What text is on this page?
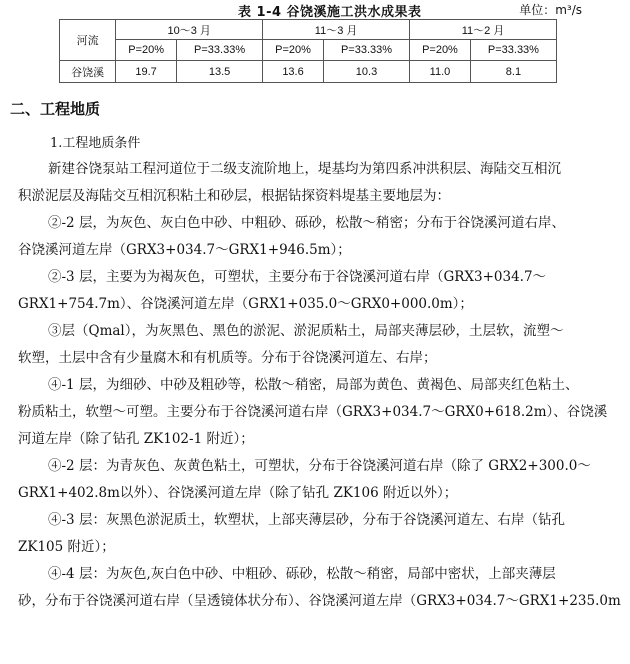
表 1-4 谷饶溪施工洪水成果表	单位：m³/s
河流	10～3 月		11～3 月		11～2 月	
	P=20%	P=33.33%	P=20%	P=33.33%	P=20%	P=33.33%
谷饶溪	19.7	13.5	13.6	10.3	11.0	8.1
二、工程地质
1.工程地质条件

新建谷饶泵站工程河道位于二级支流阶地上，堤基均为第四系冲洪积层、海陆交互相沉

积淤泥层及海陆交互相沉积粘土和砂层，根据钻探资料堤基主要地层为：

②-2 层，为灰色、灰白色中砂、中粗砂、砾砂，松散～稍密；分布于谷饶溪河道右岸、

谷饶溪河道左岸（GRX3+034.7～GRX1+946.5m）；

②-3 层，主要为为褐灰色，可塑状，主要分布于谷饶溪河道右岸（GRX3+034.7～

GRX1+754.7m）、谷饶溪河道左岸（GRX1+035.0～GRX0+000.0m）；

③层（Qmal），为灰黑色、黑色的淤泥、淤泥质粘土，局部夹薄层砂，土层软，流塑～

软塑，土层中含有少量腐木和有机质等。分布于谷饶溪河道左、右岸；

④-1 层，为细砂、中砂及粗砂等，松散～稍密，局部为黄色、黄褐色、局部夹红色粘土、

粉质粘土，软塑～可塑。主要分布于谷饶溪河道右岸（GRX3+034.7～GRX0+618.2m）、谷饶溪

河道左岸（除了钻孔 ZK102-1 附近）；

④-2 层：为青灰色、灰黄色粘土，可塑状，分布于谷饶溪河道右岸（除了 GRX2+300.0～

GRX1+402.8m以外）、谷饶溪河道左岸（除了钻孔 ZK106 附近以外）；

④-3 层：灰黑色淤泥质土，软塑状，上部夹薄层砂，分布于谷饶溪河道左、右岸（钻孔

ZK105 附近）；

④-4 层：为灰色,灰白色中砂、中粗砂、砾砂，松散～稍密，局部中密状，上部夹薄层

砂，分布于谷饶溪河道右岸（呈透镜体状分布）、谷饶溪河道左岸（GRX3+034.7～GRX1+235.0m
